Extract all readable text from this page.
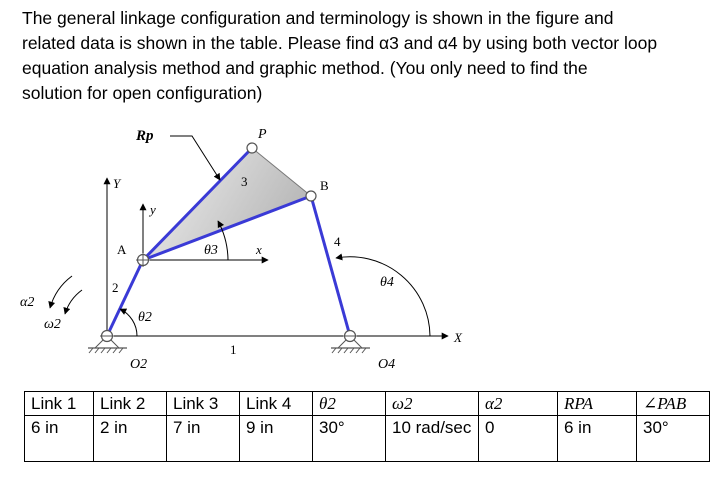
The general linkage configuration and terminology is shown in the figure and

related data is shown in the table. Please find α3 and α4 by using both vector loop

equation analysis method and graphic method. (You only need to find the

solution for open configuration)

Rp	P
Y
y
3	B
A
4
θ3	x
θ4
2
θ2
α2
ω2
1
X
O2	O4
Link 1	Link 2	Link 3	Link 4	θ2	ω2	α2	RPA	∠PAB
6 in	2 in	7 in	9 in	30°	10 rad/sec	0	6 in	30°
